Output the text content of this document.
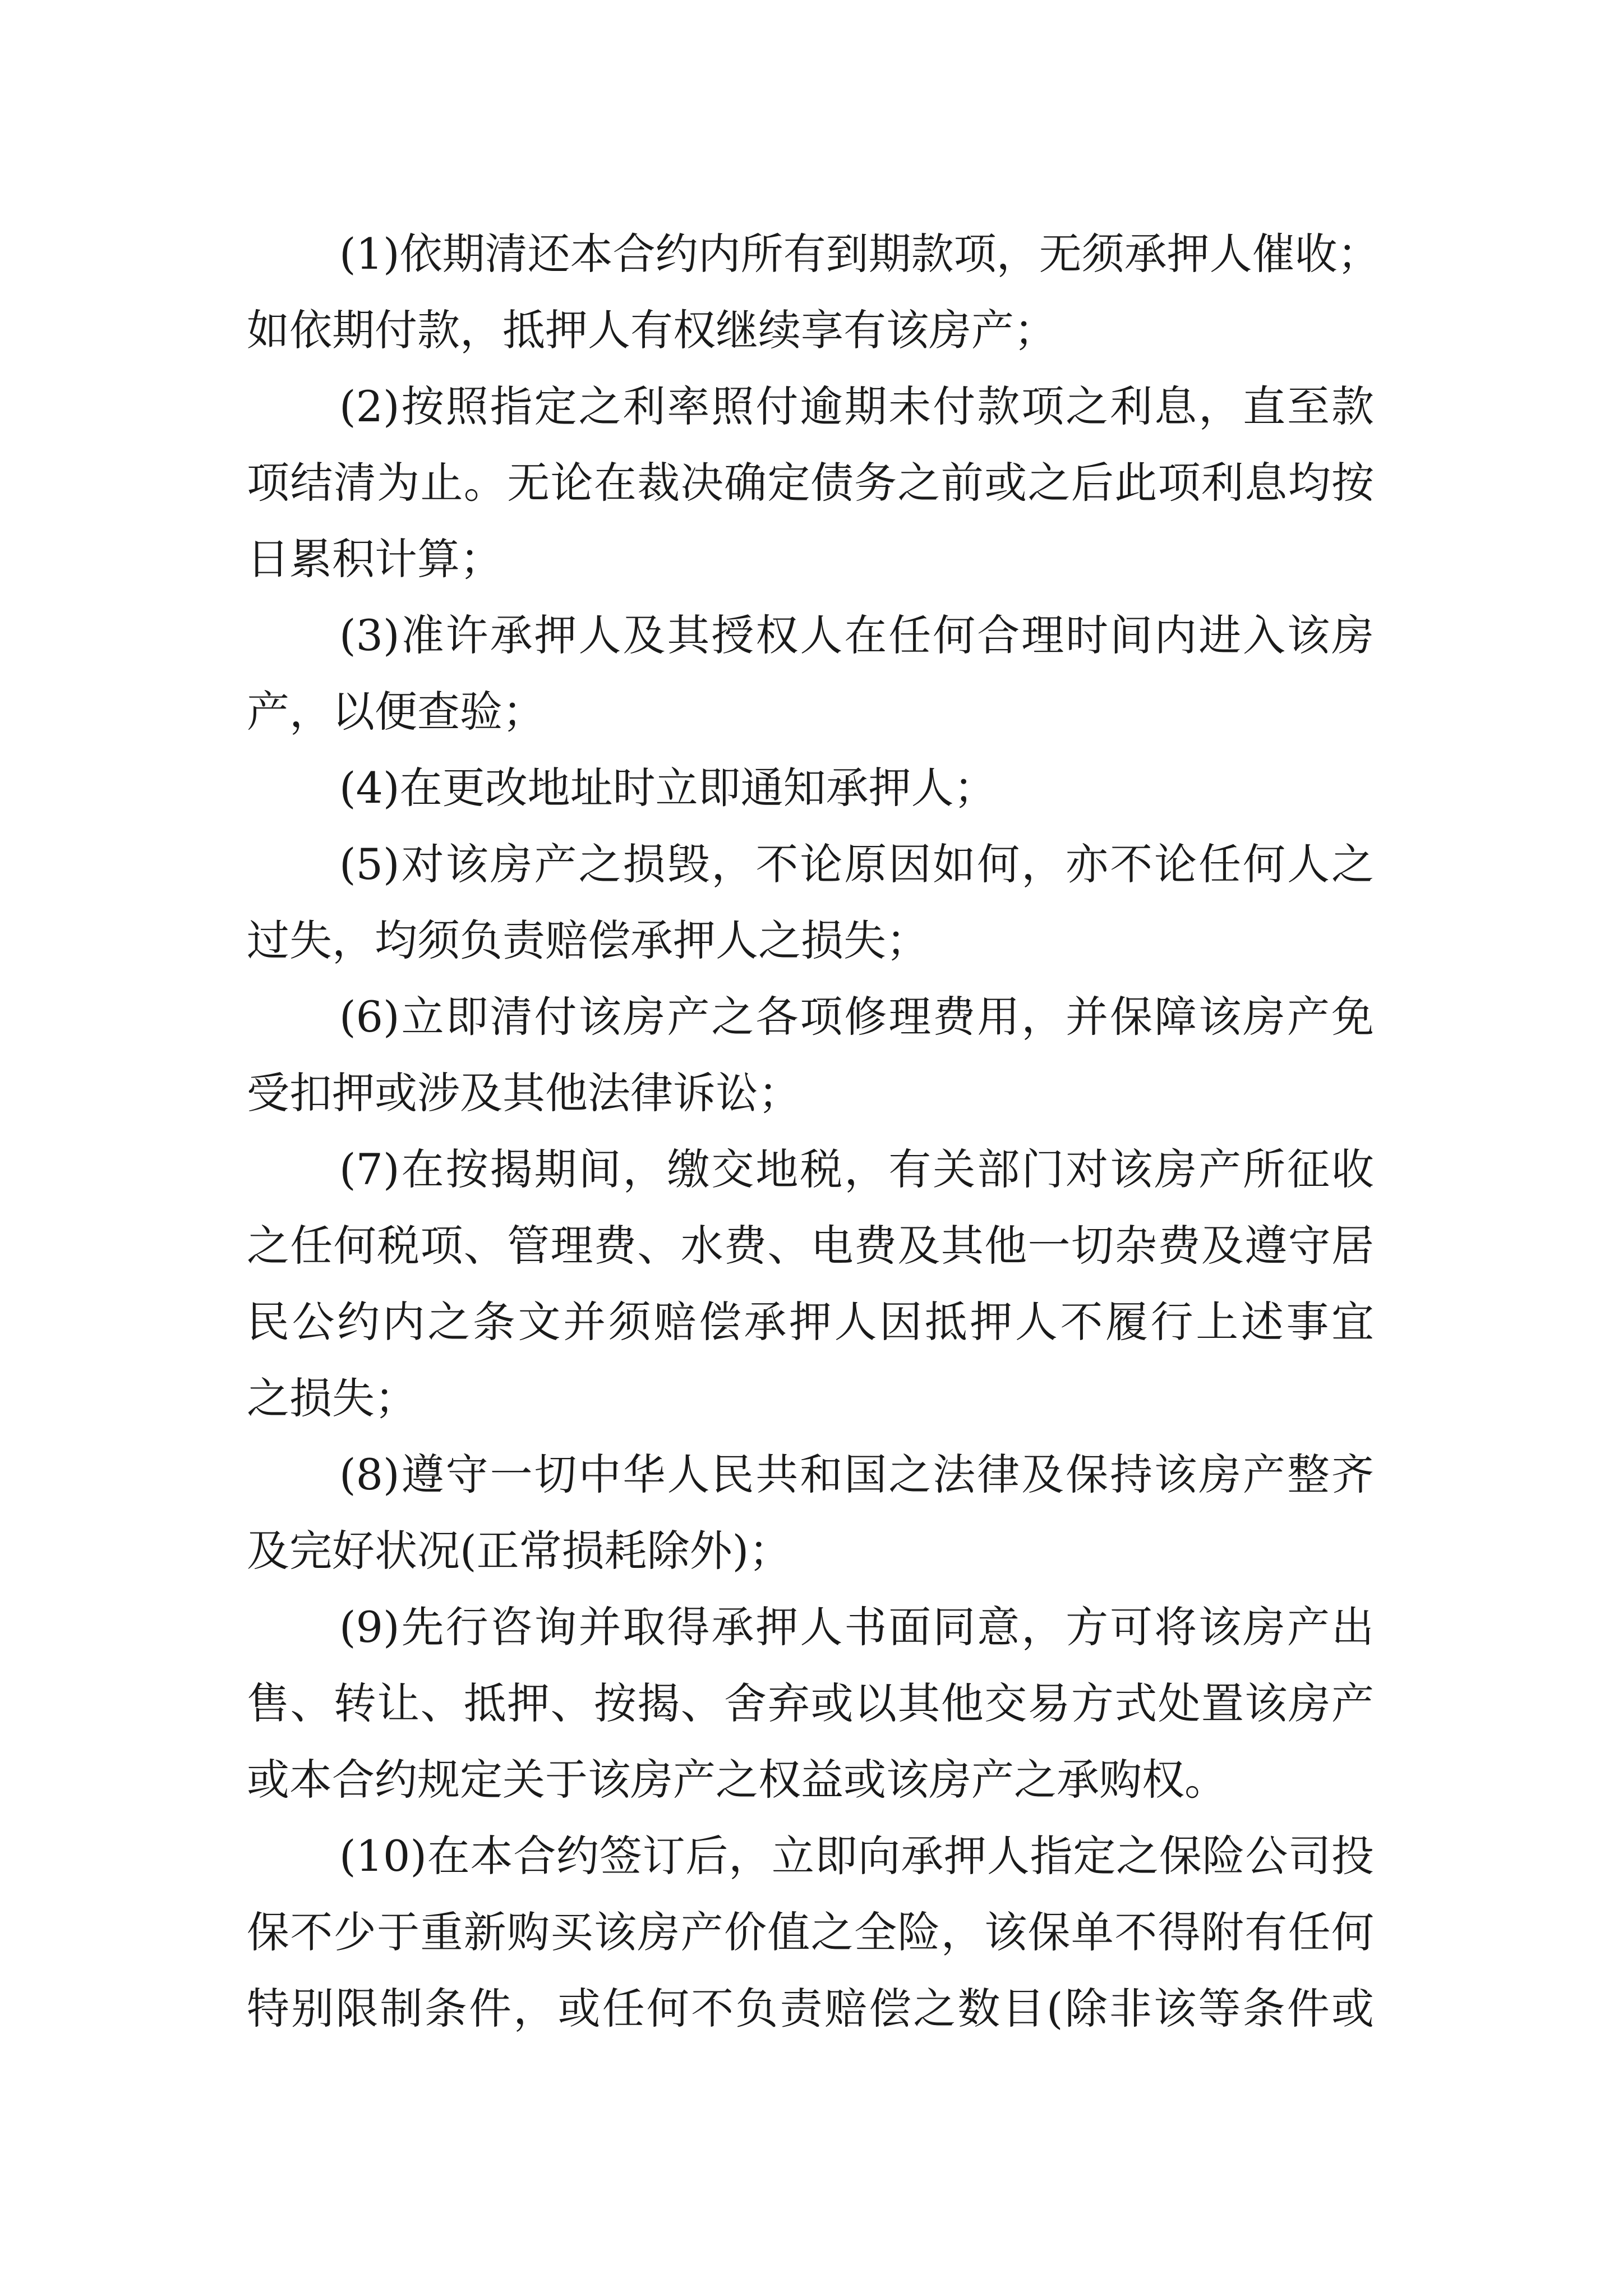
(1)依期清还本合约内所有到期款项，无须承押人催收；
如依期付款，抵押人有权继续享有该房产；
(2)按照指定之利率照付逾期未付款项之利息，直至款
项结清为止。无论在裁决确定债务之前或之后此项利息均按
日累积计算；
(3)准许承押人及其授权人在任何合理时间内进入该房
产，以便查验；
(4)在更改地址时立即通知承押人；
(5)对该房产之损毁，不论原因如何，亦不论任何人之
过失，均须负责赔偿承押人之损失；
(6)立即清付该房产之各项修理费用，并保障该房产免
受扣押或涉及其他法律诉讼；
(7)在按揭期间，缴交地税，有关部门对该房产所征收
之任何税项、管理费、水费、电费及其他一切杂费及遵守居
民公约内之条文并须赔偿承押人因抵押人不履行上述事宜
之损失；
(8)遵守一切中华人民共和国之法律及保持该房产整齐
及完好状况(正常损耗除外)；
(9)先行咨询并取得承押人书面同意，方可将该房产出
售、转让、抵押、按揭、舍弃或以其他交易方式处置该房产
或本合约规定关于该房产之权益或该房产之承购权。
(10)在本合约签订后，立即向承押人指定之保险公司投
保不少于重新购买该房产价值之全险，该保单不得附有任何
特别限制条件，或任何不负责赔偿之数目(除非该等条件或
